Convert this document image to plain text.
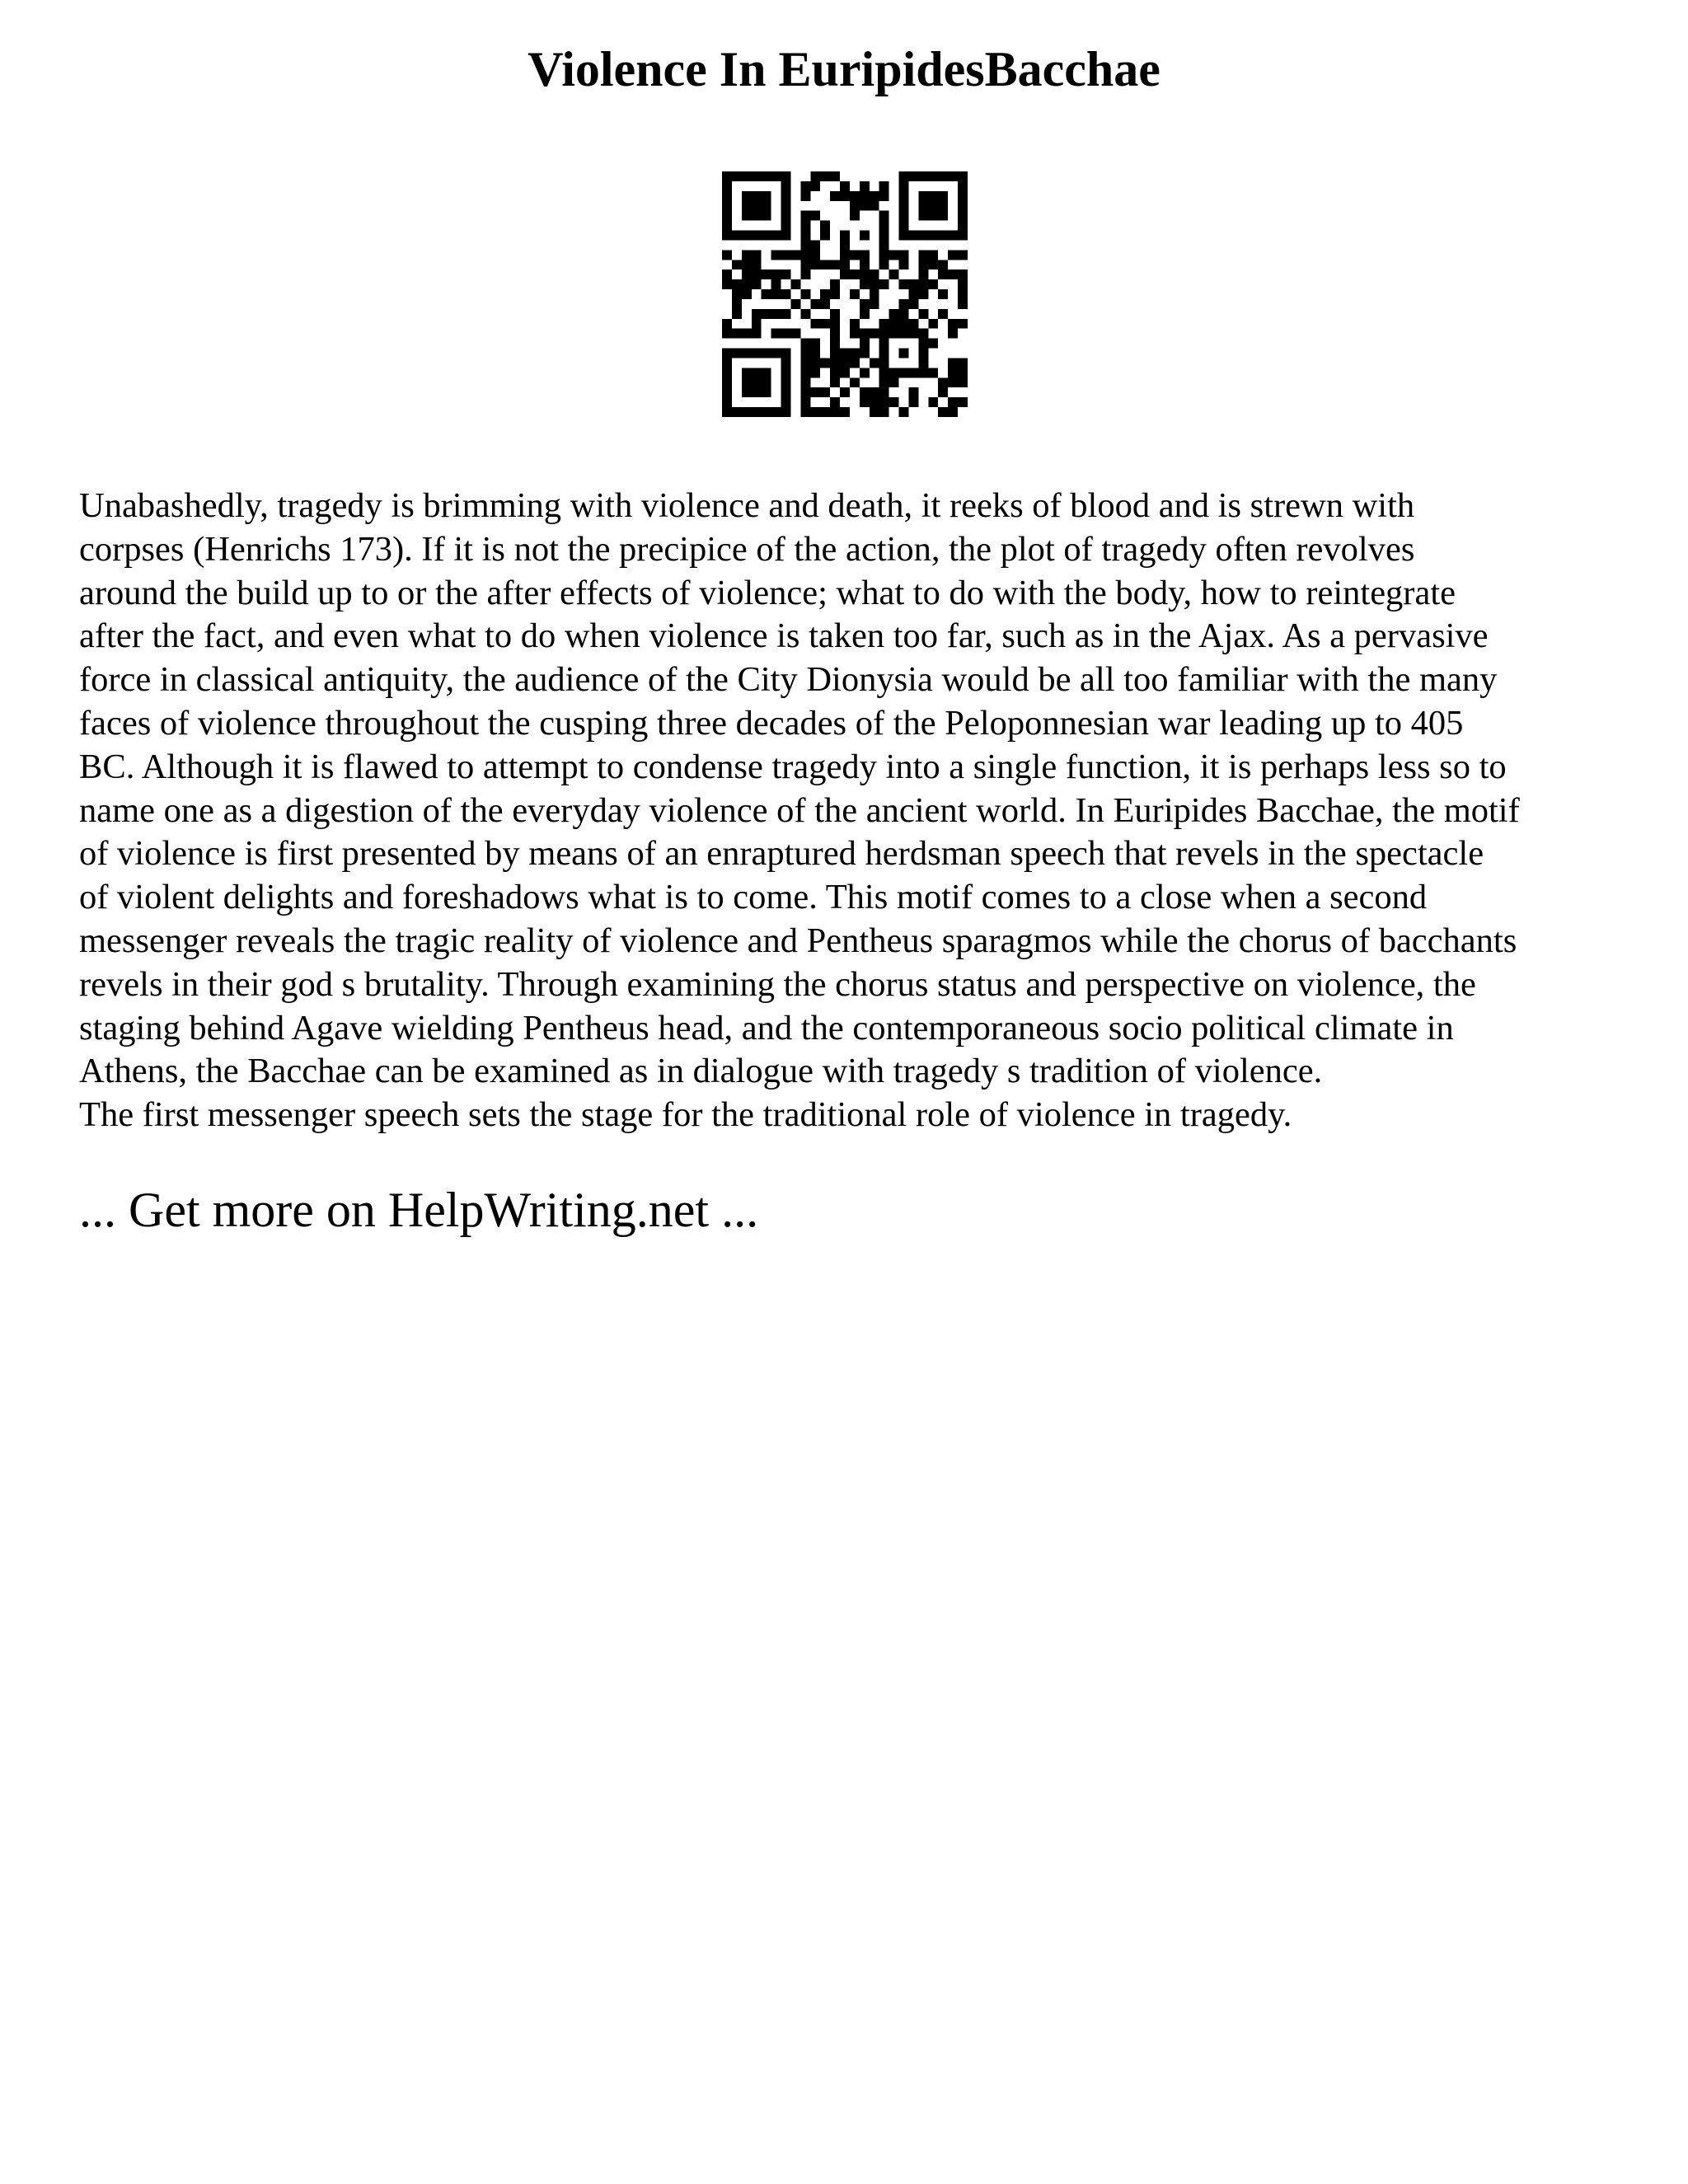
Violence In EuripidesBacchae

Unabashedly, tragedy is brimming with violence and death, it reeks of blood and is strewn with
corpses (Henrichs 173). If it is not the precipice of the action, the plot of tragedy often revolves
around the build up to or the after effects of violence; what to do with the body, how to reintegrate
after the fact, and even what to do when violence is taken too far, such as in the Ajax. As a pervasive
force in classical antiquity, the audience of the City Dionysia would be all too familiar with the many
faces of violence throughout the cusping three decades of the Peloponnesian war leading up to 405
BC. Although it is flawed to attempt to condense tragedy into a single function, it is perhaps less so to
name one as a digestion of the everyday violence of the ancient world. In Euripides Bacchae, the motif
of violence is first presented by means of an enraptured herdsman speech that revels in the spectacle
of violent delights and foreshadows what is to come. This motif comes to a close when a second
messenger reveals the tragic reality of violence and Pentheus sparagmos while the chorus of bacchants
revels in their god s brutality. Through examining the chorus status and perspective on violence, the
staging behind Agave wielding Pentheus head, and the contemporaneous socio political climate in
Athens, the Bacchae can be examined as in dialogue with tragedy s tradition of violence.
The first messenger speech sets the stage for the traditional role of violence in tragedy.

... Get more on HelpWriting.net ...
